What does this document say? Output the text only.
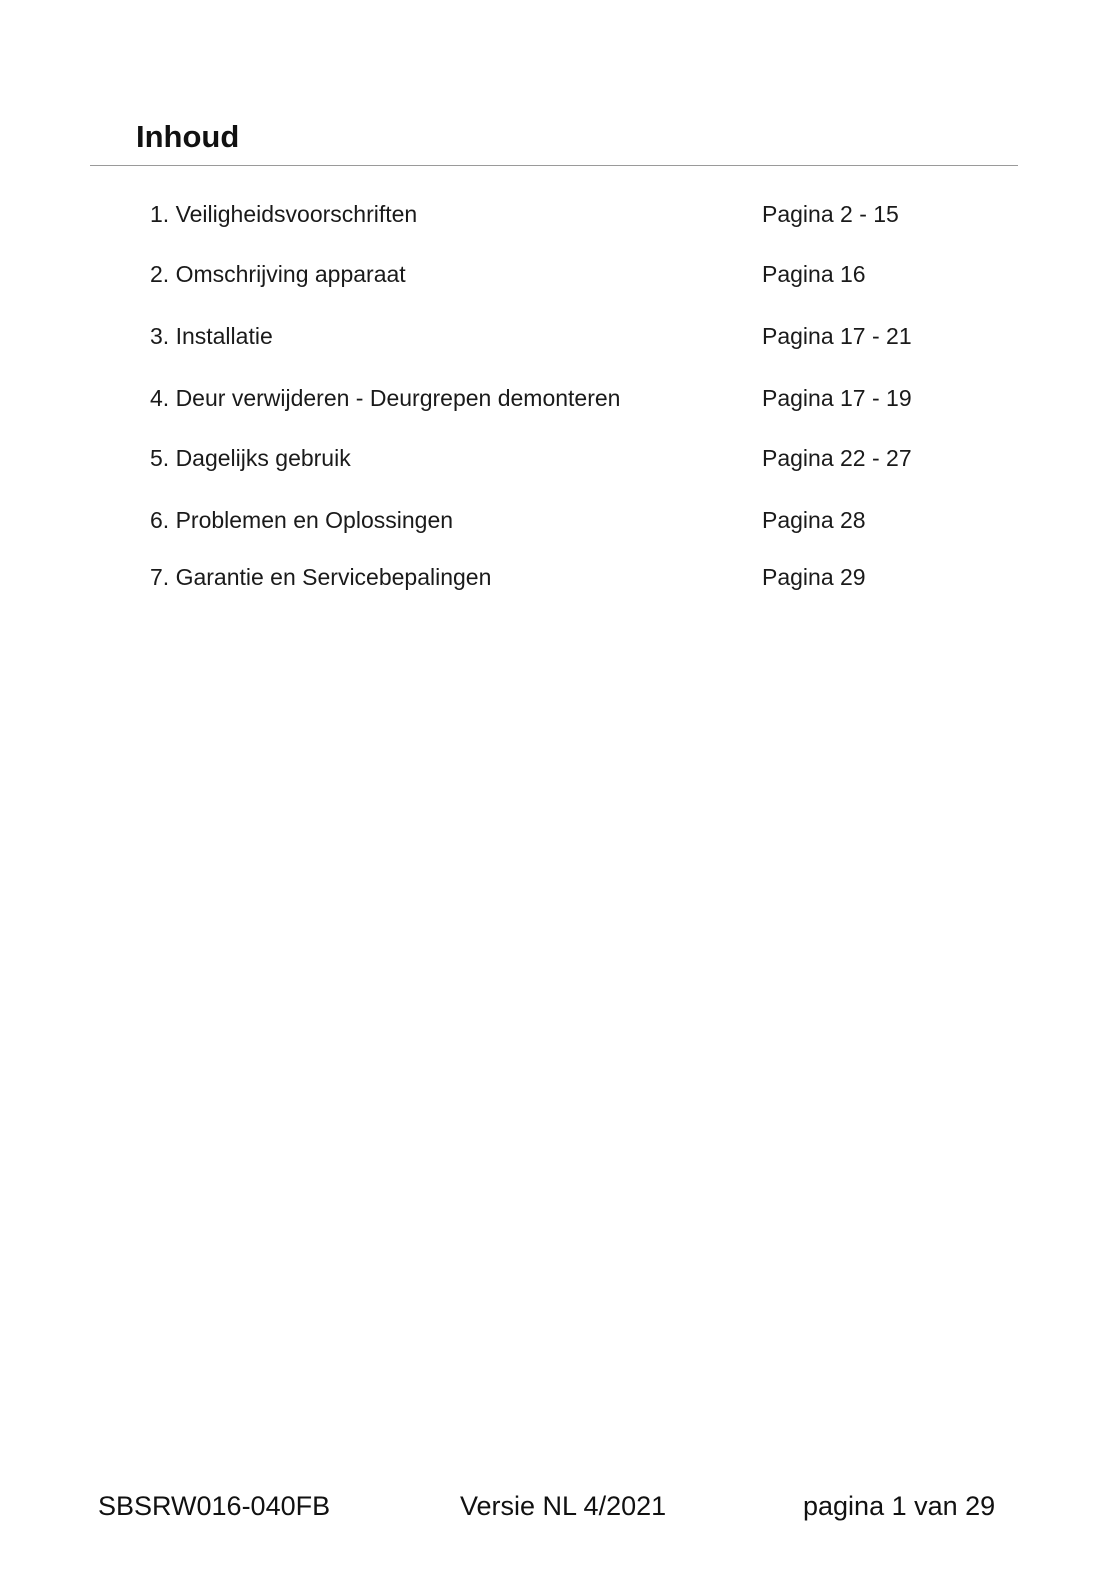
Inhoud
1. Veiligheidsvoorschriften	Pagina 2 - 15
2. Omschrijving apparaat	Pagina 16
3. Installatie	Pagina 17 - 21
4. Deur verwijderen - Deurgrepen demonteren	Pagina 17 - 19
5. Dagelijks gebruik	Pagina 22 - 27
6. Problemen en Oplossingen	Pagina 28
7. Garantie en Servicebepalingen	Pagina 29
SBSRW016-040FB	Versie NL 4/2021	pagina 1 van 29
